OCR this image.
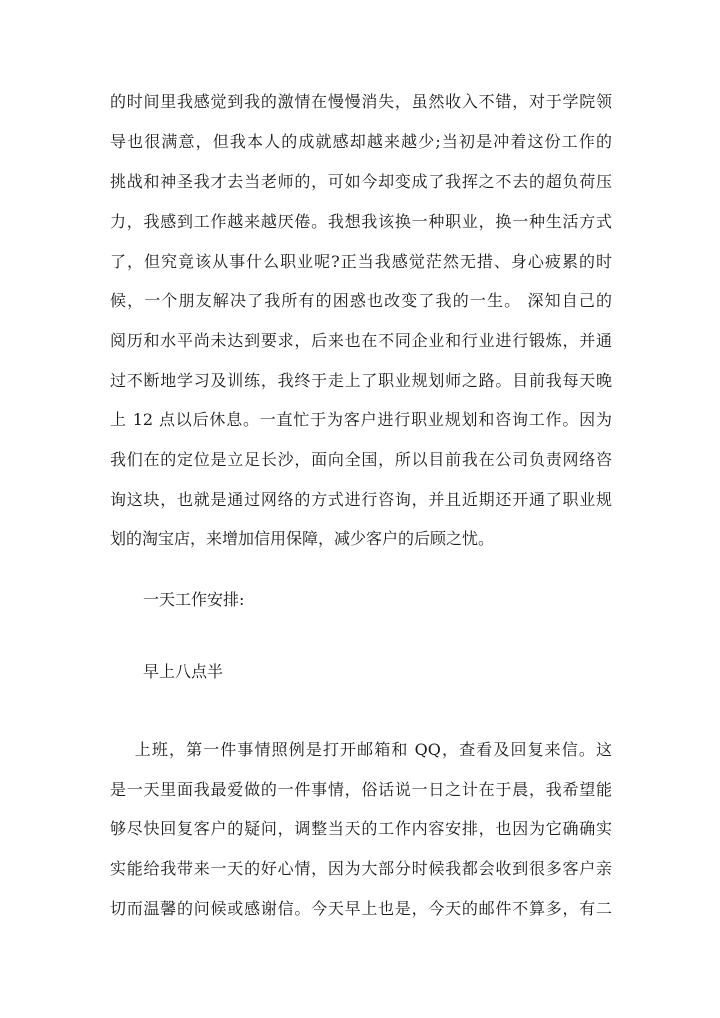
的时间里我感觉到我的激情在慢慢消失，虽然收入不错，对于学院领
导也很满意，但我本人的成就感却越来越少;当初是冲着这份工作的
挑战和神圣我才去当老师的，可如今却变成了我挥之不去的超负荷压
力，我感到工作越来越厌倦。我想我该换一种职业，换一种生活方式
了，但究竟该从事什么职业呢?正当我感觉茫然无措、身心疲累的时
候，一个朋友解决了我所有的困惑也改变了我的一生。 深知自己的
阅历和水平尚未达到要求，后来也在不同企业和行业进行锻炼，并通
过不断地学习及训练，我终于走上了职业规划师之路。目前我每天晚
上 12 点以后休息。一直忙于为客户进行职业规划和咨询工作。因为
我们在的定位是立足长沙，面向全国，所以目前我在公司负责网络咨
询这块，也就是通过网络的方式进行咨询，并且近期还开通了职业规
划的淘宝店，来增加信用保障，减少客户的后顾之忧。
一天工作安排:
早上八点半
上班，第一件事情照例是打开邮箱和 QQ，查看及回复来信。这
是一天里面我最爱做的一件事情，俗话说一日之计在于晨，我希望能
够尽快回复客户的疑问，调整当天的工作内容安排，也因为它确确实
实能给我带来一天的好心情，因为大部分时候我都会收到很多客户亲
切而温馨的问候或感谢信。今天早上也是，今天的邮件不算多，有二
